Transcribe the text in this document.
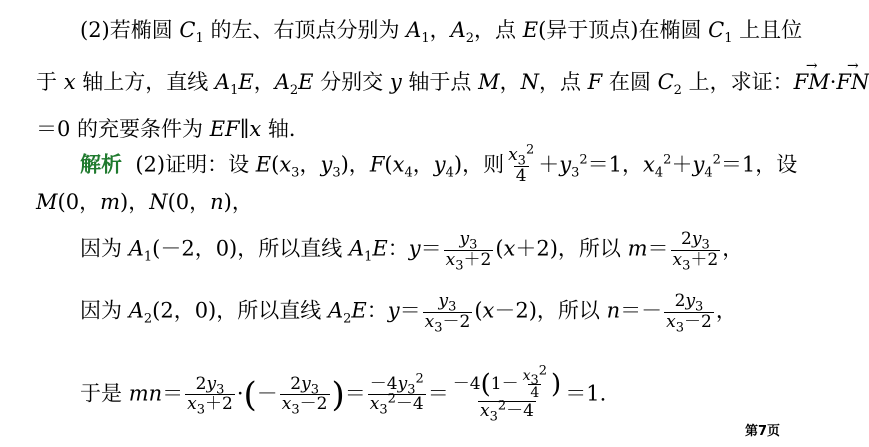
(2)若椭圆 $C_1$ 的左、右顶点分别为 $A_1$，$A_2$，点 E(异于顶点)在椭圆 $C_1$ 上且位
于 x 轴上方，直线 $A_1E$，$A_2E$ 分别交 y 轴于点 M，N，点 F 在圆 $C_2$ 上，求证：→ FM·→ FN
＝0 的充要条件为 EF∥x 轴．
解析  (2)证明：设 $E(x_3$，$y_3$)，$F(x_4$，$y_4$)，则 $\frac{x_3^2}{4} +y_3^2=1$，$x_4^2+y_4^2=1$，设
M(0，m)，N(0，n)，
因为 $A_1(-2$，0)，所以直线 $A_1E$：$y= \frac{y_3}{x_3+2} (x+2)$，所以 $m= \frac{2y_3}{x_3+2}$ ，
因为 $A_2(2$，0)，所以直线 $A_2E$：$y= \frac{y_3}{x_3-2} (x-2)$，所以 $n=- \frac{2y_3}{x_3-2}$ ，
于是 $mn= \frac{2y_3}{x_3+2}$ ·(－ $\frac{2y_3}{x_3-2}$ )＝ $\frac{-4y_3^2}{x_3^2-4} = \frac{-4(1- \frac{x_3^2}{4} )}{x_3^2-4} =1$.
第7页
